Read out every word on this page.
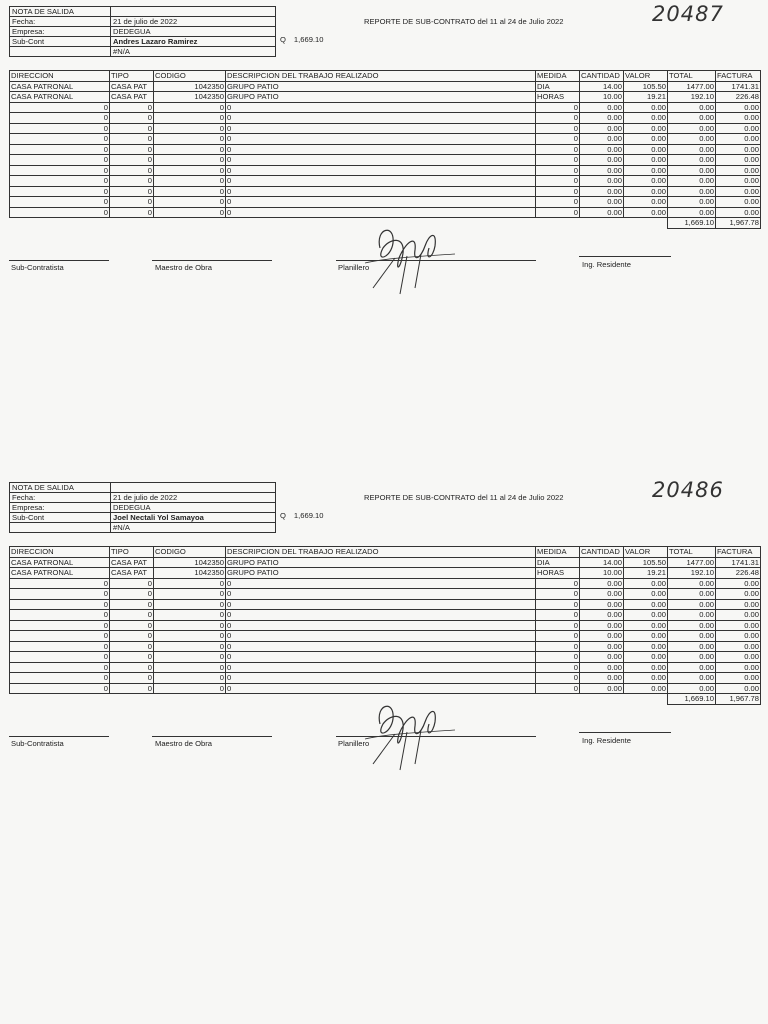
NOTA DE SALIDA	
Fecha:	21 de julio de 2022
Empresa:	DEDEGUA
Sub-Cont	Andres Lazaro Ramirez
	#N/A
Q 1,669.10
REPORTE DE SUB-CONTRATO del 11 al 24 de Julio 2022	20487
DIRECCION	TIPO	CODIGO	DESCRIPCION DEL TRABAJO REALIZADO	MEDIDA	CANTIDAD	VALOR	TOTAL	FACTURA
CASA PATRONAL	CASA PAT	1042350	GRUPO PATIO	DIA	14.00	105.50	1477.00	1741.31
CASA PATRONAL	CASA PAT	1042350	GRUPO PATIO	HORAS	10.00	19.21	192.10	226.48
0	0	0	0	0	0.00	0.00	0.00	0.00
0	0	0	0	0	0.00	0.00	0.00	0.00
0	0	0	0	0	0.00	0.00	0.00	0.00
0	0	0	0	0	0.00	0.00	0.00	0.00
0	0	0	0	0	0.00	0.00	0.00	0.00
0	0	0	0	0	0.00	0.00	0.00	0.00
0	0	0	0	0	0.00	0.00	0.00	0.00
0	0	0	0	0	0.00	0.00	0.00	0.00
0	0	0	0	0	0.00	0.00	0.00	0.00
0	0	0	0	0	0.00	0.00	0.00	0.00
0	0	0	0	0	0.00	0.00	0.00	0.00
							1,669.10	1,967.78
Sub-Contratista	Maestro de Obra	Planillero	Ing. Residente
NOTA DE SALIDA	
Fecha:	21 de julio de 2022
Empresa:	DEDEGUA
Sub-Cont	Joel Nectali Yol Samayoa
	#N/A
Q 1,669.10
REPORTE DE SUB-CONTRATO del 11 al 24 de Julio 2022	20486
DIRECCION	TIPO	CODIGO	DESCRIPCION DEL TRABAJO REALIZADO	MEDIDA	CANTIDAD	VALOR	TOTAL	FACTURA
CASA PATRONAL	CASA PAT	1042350	GRUPO PATIO	DIA	14.00	105.50	1477.00	1741.31
CASA PATRONAL	CASA PAT	1042350	GRUPO PATIO	HORAS	10.00	19.21	192.10	226.48
0	0	0	0	0	0.00	0.00	0.00	0.00
0	0	0	0	0	0.00	0.00	0.00	0.00
0	0	0	0	0	0.00	0.00	0.00	0.00
0	0	0	0	0	0.00	0.00	0.00	0.00
0	0	0	0	0	0.00	0.00	0.00	0.00
0	0	0	0	0	0.00	0.00	0.00	0.00
0	0	0	0	0	0.00	0.00	0.00	0.00
0	0	0	0	0	0.00	0.00	0.00	0.00
0	0	0	0	0	0.00	0.00	0.00	0.00
0	0	0	0	0	0.00	0.00	0.00	0.00
0	0	0	0	0	0.00	0.00	0.00	0.00
							1,669.10	1,967.78
Sub-Contratista	Maestro de Obra	Planillero	Ing. Residente
